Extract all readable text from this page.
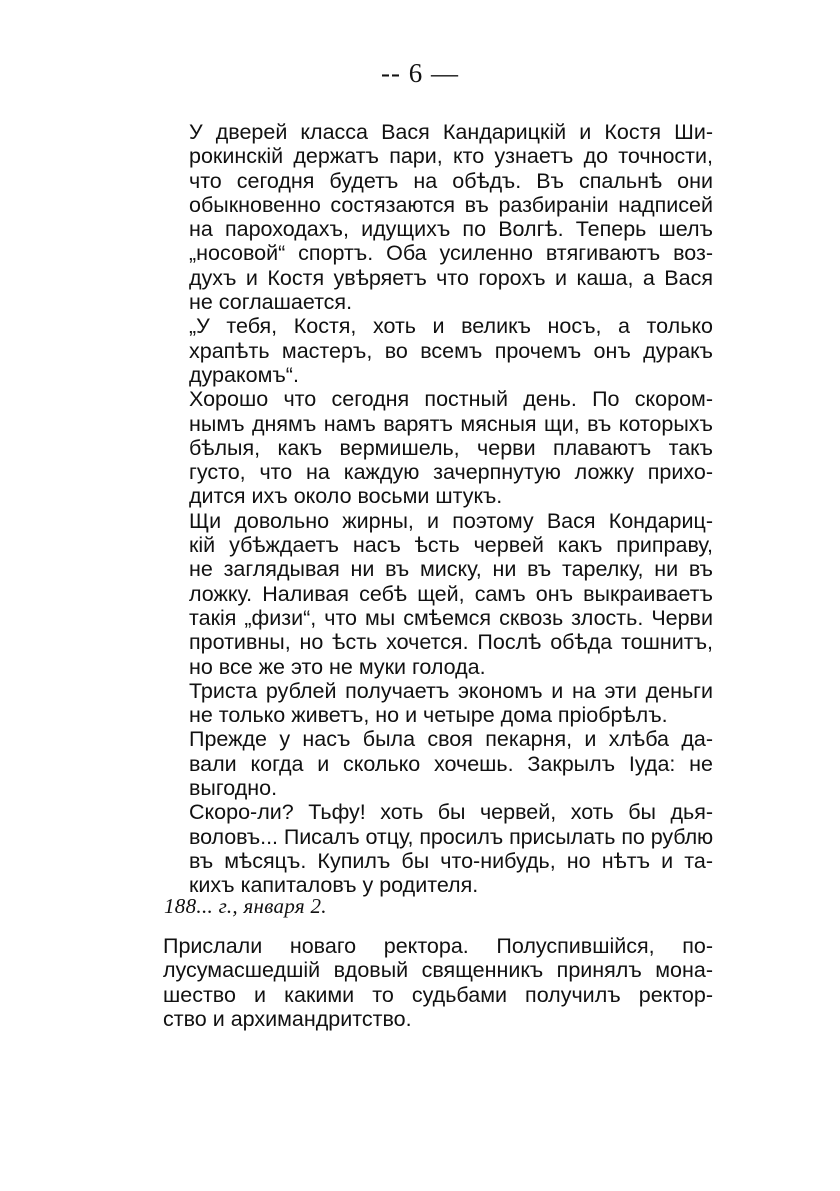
-- 6 —

У дверей класса Вася Кандарицкій и Костя Ши-
рокинскій держатъ пари, кто узнаетъ до точности,
что сегодня будетъ на обѣдъ. Въ спальнѣ они
обыкновенно состязаются въ разбираніи надписей
на пароходахъ, идущихъ по Волгѣ. Теперь шелъ
„носовой“ спортъ. Оба усиленно втягиваютъ воз-
духъ и Костя увѣряетъ что горохъ и каша, а Вася
не соглашается.

„У тебя, Костя, хоть и великъ носъ, а только
храпѣть мастеръ, во всемъ прочемъ онъ дуракъ
дуракомъ“.

Хорошо что сегодня постный день. По скором-
нымъ днямъ намъ варятъ мясныя щи, въ которыхъ
бѣлыя, какъ вермишель, черви плаваютъ такъ
густо, что на каждую зачерпнутую ложку прихо-
дится ихъ около восьми штукъ.

Щи довольно жирны, и поэтому Вася Кондариц-
кій убѣждаетъ насъ ѣсть червей какъ приправу,
не заглядывая ни въ миску, ни въ тарелку, ни въ
ложку. Наливая себѣ щей, самъ онъ выкраиваетъ
такія „физи“, что мы смѣемся сквозь злость. Черви
противны, но ѣсть хочется. Послѣ обѣда тошнитъ,
но все же это не муки голода.

Триста рублей получаетъ экономъ и на эти деньги
не только живетъ, но и четыре дома пріобрѣлъ.

Прежде у насъ была своя пекарня, и хлѣба да-
вали когда и сколько хочешь. Закрылъ Іуда: не
выгодно.

Скоро-ли? Тьфу! хоть бы червей, хоть бы дья-
воловъ... Писалъ отцу, просилъ присылать по рублю
въ мѣсяцъ. Купилъ бы что-нибудь, но нѣтъ и та-
кихъ капиталовъ у родителя.

188... г., января 2.

Прислали новаго ректора. Полуспившійся, по-
лусумасшедшій вдовый священникъ принялъ мона-
шество и какими то судьбами получилъ ректор-
ство и архимандритство.
